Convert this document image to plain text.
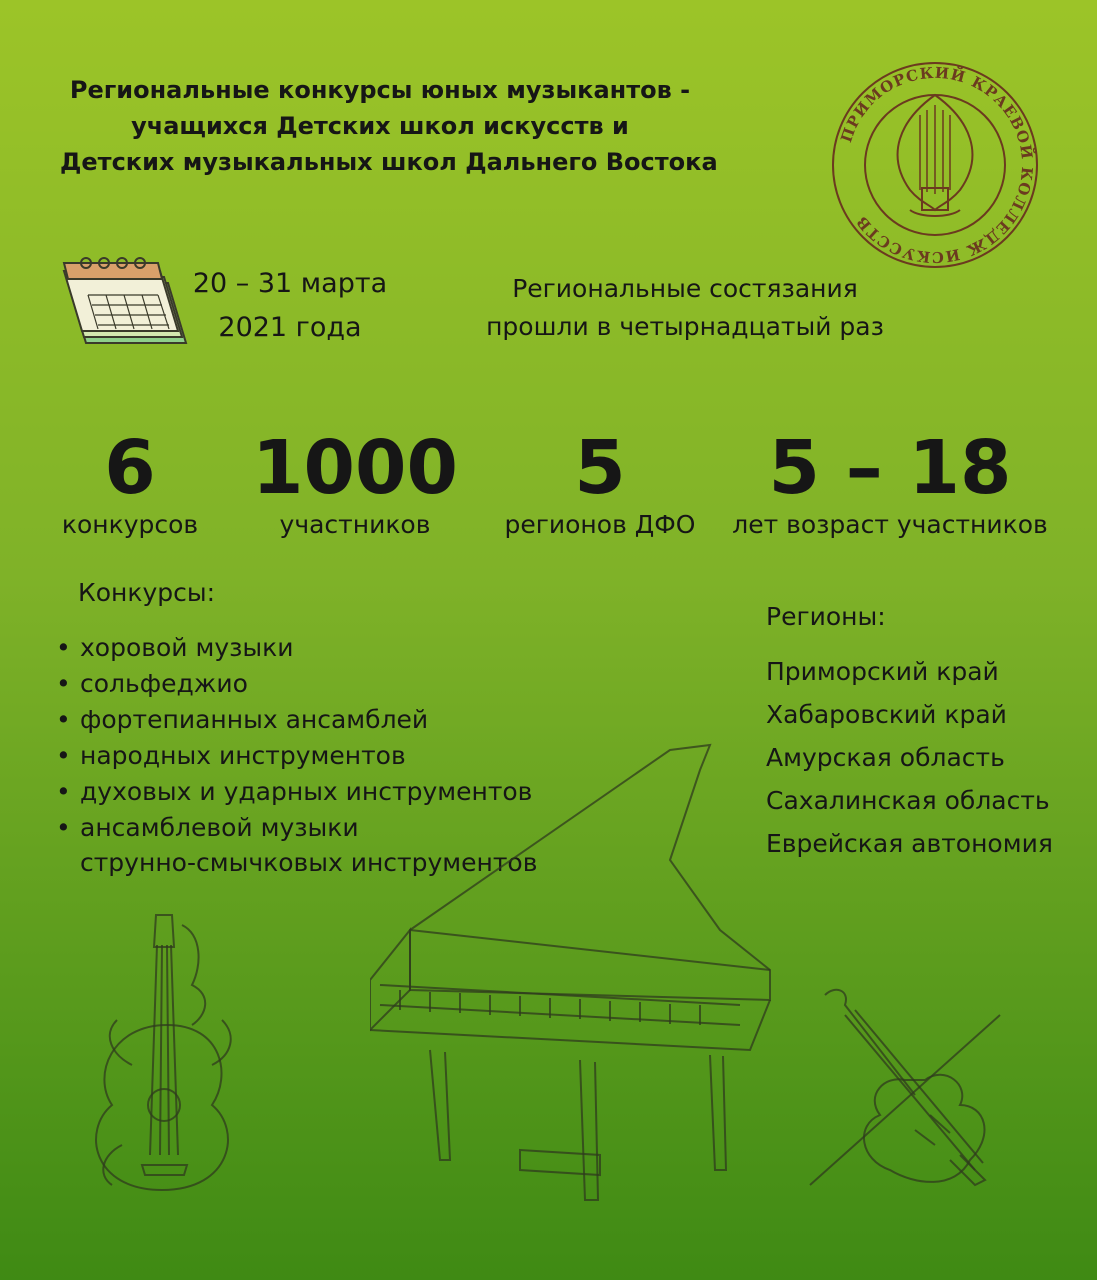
Региональные конкурсы юных музыкантов -
учащихся Детских школ искусств и
Детских музыкальных школ Дальнего Востока
ПРИМОРСКИЙ КРАЕВОЙ КОЛЛЕДЖ ИСКУССТВ
20 – 31 марта
2021 года
Региональные состязания
прошли в четырнадцатый раз
6
конкурсов
1000
участников
5
регионов ДФО
5 – 18
лет возраст участников
Конкурсы:
• хоровой музыки
• сольфеджио
• фортепианных ансамблей
• народных инструментов
• духовых и ударных инструментов
• ансамблевой музыки
струнно-смычковых инструментов
Регионы:
Приморский край
Хабаровский край
Амурская область
Сахалинская область
Еврейская автономия
